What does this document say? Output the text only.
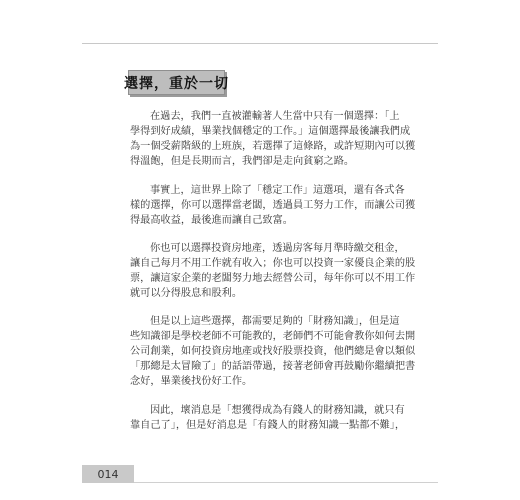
選擇，重於一切
在過去，我們一直被灌輸著人生當中只有一個選擇：「上
學得到好成績，畢業找個穩定的工作。」這個選擇最後讓我們成
為一個受薪階級的上班族，若選擇了這條路，或許短期內可以獲
得溫飽，但是長期而言，我們卻是走向貧窮之路。
事實上，這世界上除了「穩定工作」這選項，還有各式各
樣的選擇，你可以選擇當老闆，透過員工努力工作，而讓公司獲
得最高收益，最後進而讓自己致富。
你也可以選擇投資房地產，透過房客每月準時繳交租金，
讓自己每月不用工作就有收入；你也可以投資一家優良企業的股
票，讓這家企業的老闆努力地去經營公司，每年你可以不用工作
就可以分得股息和股利。
但是以上這些選擇，都需要足夠的「財務知識」，但是這
些知識卻是學校老師不可能教的，老師們不可能會教你如何去開
公司創業，如何投資房地產或找好股票投資，他們總是會以類似
「那總是太冒險了」的話語帶過，接著老師會再鼓勵你繼續把書
念好，畢業後找份好工作。
因此，壞消息是「想獲得成為有錢人的財務知識，就只有
靠自己了」，但是好消息是「有錢人的財務知識一點都不難」，
014
